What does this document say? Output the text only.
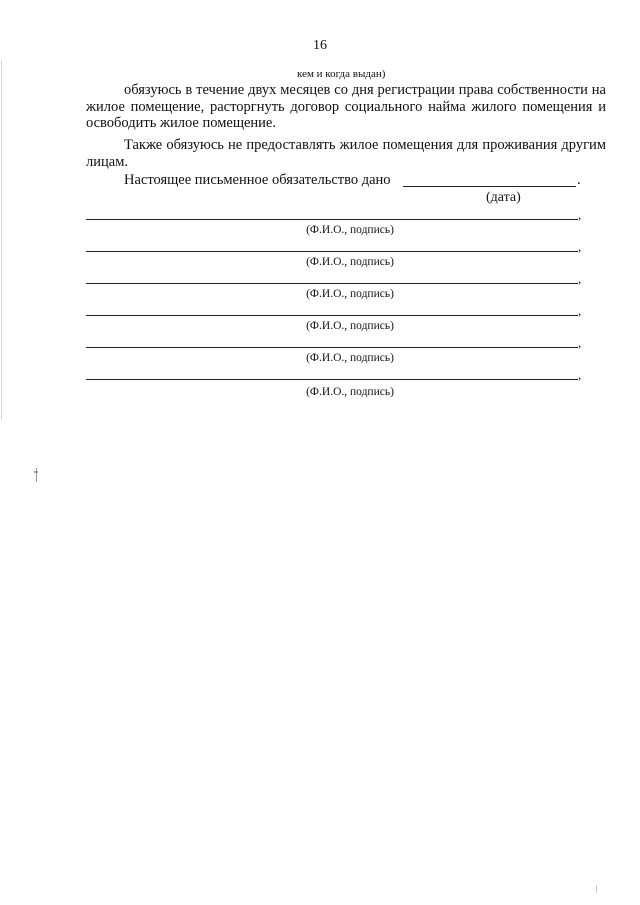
16
кем и когда выдан)

обязуюсь в течение двух месяцев со дня регистрации права собственности на жилое помещение, расторгнуть договор социального найма жилого помещения и освободить жилое помещение.

Также обязуюсь не предоставлять жилое помещения для проживания другим лицам.

Настоящее письменное обязательство дано	.
(дата)
,
(Ф.И.О., подпись)
,
(Ф.И.О., подпись)
,
(Ф.И.О., подпись)
,
(Ф.И.О., подпись)
,
(Ф.И.О., подпись)
,
(Ф.И.О., подпись)
